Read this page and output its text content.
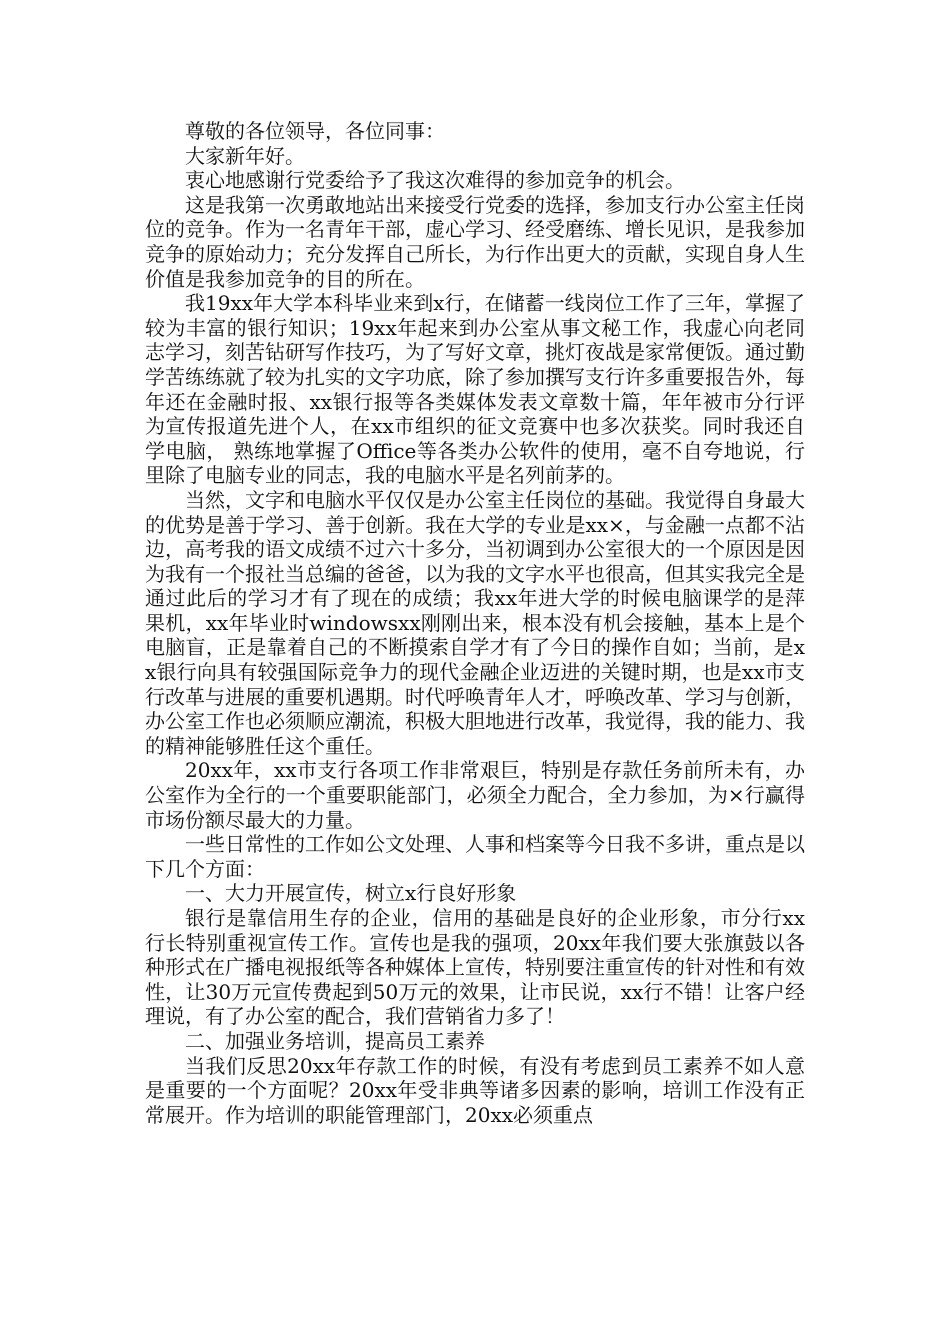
尊敬的各位领导，各位同事：

大家新年好。

衷心地感谢行党委给予了我这次难得的参加竞争的机会。

这是我第一次勇敢地站出来接受行党委的选择，参加支行办公室主任岗位的竞争。作为一名青年干部，虚心学习、经受磨练、增长见识，是我参加竞争的原始动力；充分发挥自己所长，为行作出更大的贡献，实现自身人生价值是我参加竞争的目的所在。

我19xx年大学本科毕业来到x行，在储蓄一线岗位工作了三年，掌握了较为丰富的银行知识；19xx年起来到办公室从事文秘工作，我虚心向老同志学习，刻苦钻研写作技巧，为了写好文章，挑灯夜战是家常便饭。通过勤学苦练练就了较为扎实的文字功底，除了参加撰写支行许多重要报告外，每年还在金融时报、xx银行报等各类媒体发表文章数十篇，年年被市分行评为宣传报道先进个人，在xx市组织的征文竞赛中也多次获奖。同时我还自学电脑， 熟练地掌握了Office等各类办公软件的使用，毫不自夸地说，行里除了电脑专业的同志，我的电脑水平是名列前茅的。

当然，文字和电脑水平仅仅是办公室主任岗位的基础。我觉得自身最大的优势是善于学习、善于创新。我在大学的专业是xx×，与金融一点都不沾边，高考我的语文成绩不过六十多分，当初调到办公室很大的一个原因是因为我有一个报社当总编的爸爸，以为我的文字水平也很高，但其实我完全是通过此后的学习才有了现在的成绩；我xx年进大学的时候电脑课学的是萍果机，xx年毕业时windowsxx刚刚出来，根本没有机会接触，基本上是个电脑盲，正是靠着自己的不断摸索自学才有了今日的操作自如；当前，是xx银行向具有较强国际竞争力的现代金融企业迈进的关键时期，也是xx市支行改革与进展的重要机遇期。时代呼唤青年人才，呼唤改革、学习与创新，办公室工作也必须顺应潮流，积极大胆地进行改革，我觉得，我的能力、我的精神能够胜任这个重任。

20xx年，xx市支行各项工作非常艰巨，特别是存款任务前所未有，办公室作为全行的一个重要职能部门，必须全力配合，全力参加，为×行赢得市场份额尽最大的力量。

一些日常性的工作如公文处理、人事和档案等今日我不多讲，重点是以下几个方面：

一、大力开展宣传，树立x行良好形象

银行是靠信用生存的企业，信用的基础是良好的企业形象，市分行xx行长特别重视宣传工作。宣传也是我的强项，20xx年我们要大张旗鼓以各种形式在广播电视报纸等各种媒体上宣传，特别要注重宣传的针对性和有效性，让30万元宣传费起到50万元的效果，让市民说，xx行不错！让客户经理说，有了办公室的配合，我们营销省力多了！

二、加强业务培训，提高员工素养

当我们反思20xx年存款工作的时候，有没有考虑到员工素养不如人意是重要的一个方面呢？20xx年受非典等诸多因素的影响，培训工作没有正常展开。作为培训的职能管理部门，20xx必须重点
